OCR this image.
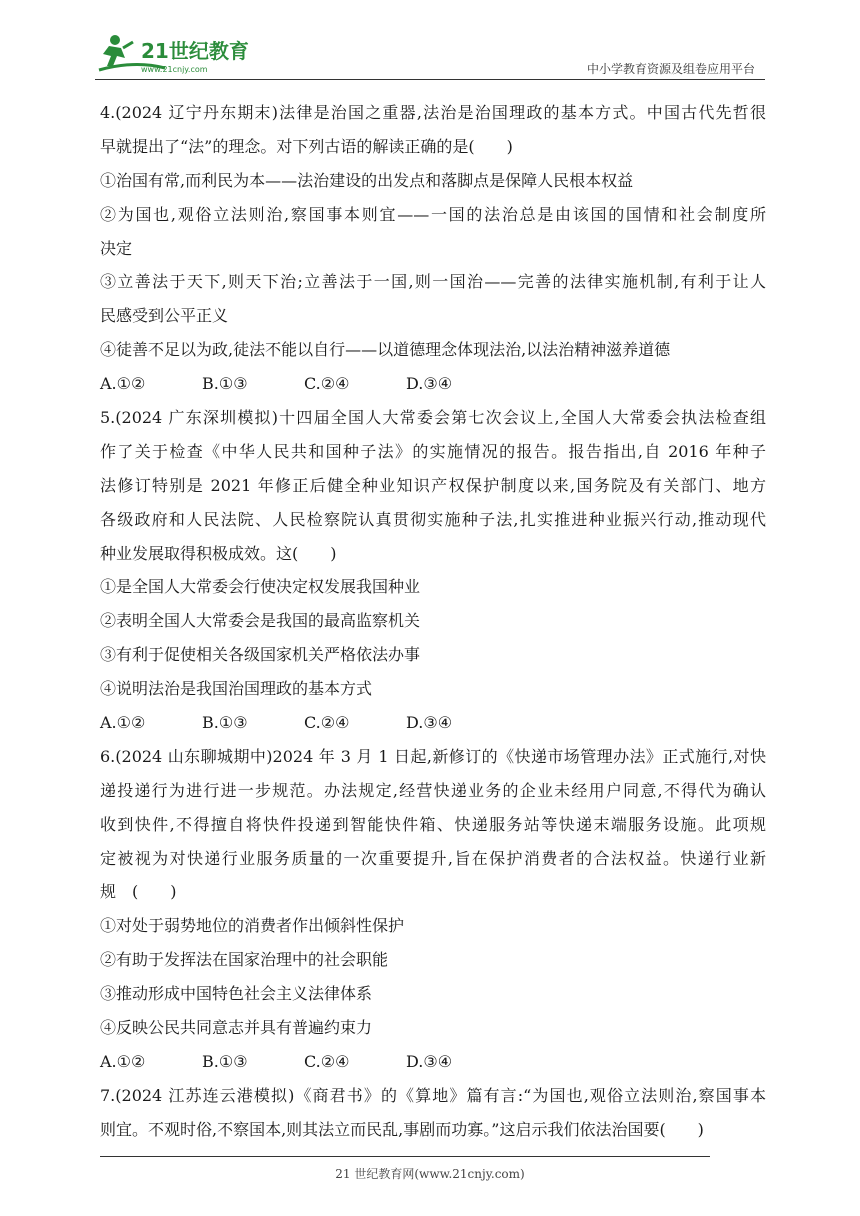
21世纪教育
www.21cnjy.com	中小学教育资源及组卷应用平台
4.(2024 辽宁丹东期末)法律是治国之重器,法治是治国理政的基本方式。中国古代先哲很
早就提出了“法”的理念。对下列古语的解读正确的是(　　)
①治国有常,而利民为本——法治建设的出发点和落脚点是保障人民根本权益
②为国也,观俗立法则治,察国事本则宜——一国的法治总是由该国的国情和社会制度所
决定
③立善法于天下,则天下治;立善法于一国,则一国治——完善的法律实施机制,有利于让人
民感受到公平正义
④徒善不足以为政,徒法不能以自行——以道德理念体现法治,以法治精神滋养道德
A.①②	B.①③	C.②④	D.③④
5.(2024 广东深圳模拟)十四届全国人大常委会第七次会议上,全国人大常委会执法检查组
作了关于检查《中华人民共和国种子法》的实施情况的报告。报告指出,自 2016 年种子
法修订特别是 2021 年修正后健全种业知识产权保护制度以来,国务院及有关部门、地方
各级政府和人民法院、人民检察院认真贯彻实施种子法,扎实推进种业振兴行动,推动现代
种业发展取得积极成效。这(　　)
①是全国人大常委会行使决定权发展我国种业
②表明全国人大常委会是我国的最高监察机关
③有利于促使相关各级国家机关严格依法办事
④说明法治是我国治国理政的基本方式
A.①②	B.①③	C.②④	D.③④
6.(2024 山东聊城期中)2024 年 3 月 1 日起,新修订的《快递市场管理办法》正式施行,对快
递投递行为进行进一步规范。办法规定,经营快递业务的企业未经用户同意,不得代为确认
收到快件,不得擅自将快件投递到智能快件箱、快递服务站等快递末端服务设施。此项规
定被视为对快递行业服务质量的一次重要提升,旨在保护消费者的合法权益。快递行业新
规　(　　)
①对处于弱势地位的消费者作出倾斜性保护
②有助于发挥法在国家治理中的社会职能
③推动形成中国特色社会主义法律体系
④反映公民共同意志并具有普遍约束力
A.①②	B.①③	C.②④	D.③④
7.(2024 江苏连云港模拟)《商君书》的《算地》篇有言:“为国也,观俗立法则治,察国事本
则宜。不观时俗,不察国本,则其法立而民乱,事剧而功寡。”这启示我们依法治国要(　　)
21 世纪教育网(www.21cnjy.com)
